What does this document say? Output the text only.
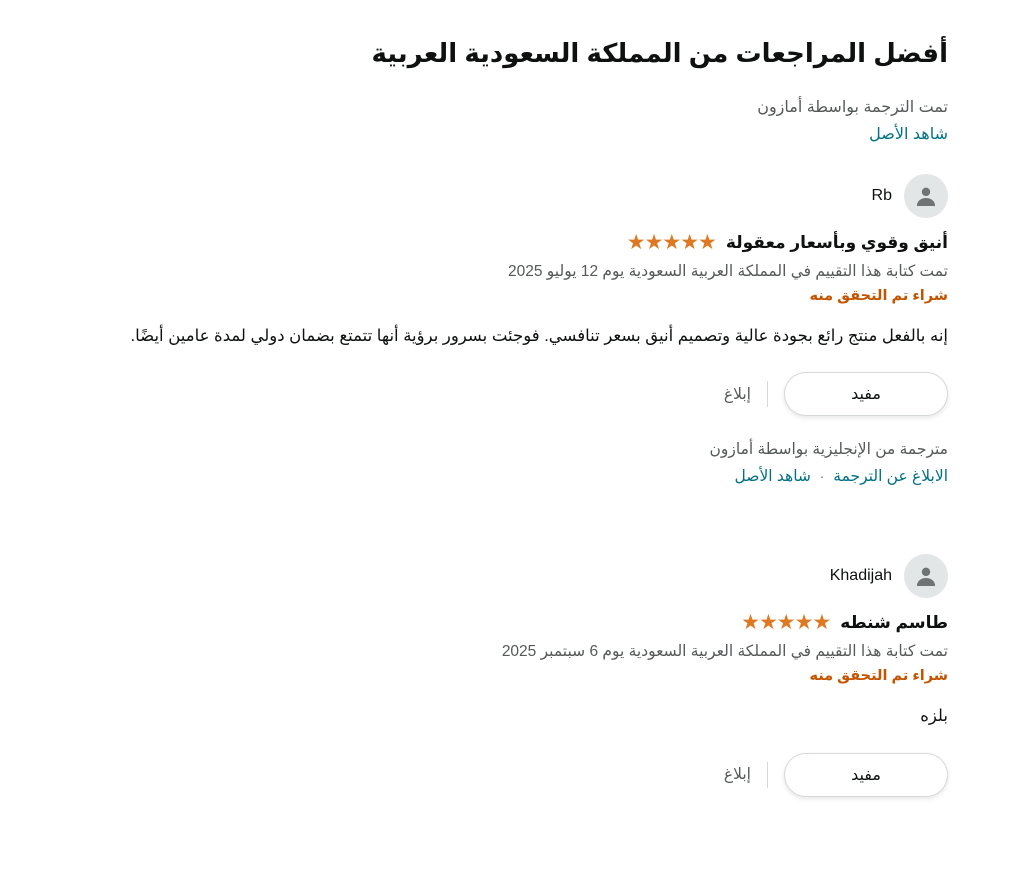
أفضل المراجعات من المملكة السعودية العربية
تمت الترجمة بواسطة أمازون
شاهد الأصل
Rb
أنيق وقوي وبأسعار معقولة
★★★★★
تمت كتابة هذا التقييم في المملكة العربية السعودية يوم 12 يوليو 2025
شراء تم التحقق منه
إنه بالفعل منتج رائع بجودة عالية وتصميم أنيق بسعر تنافسي. فوجئت بسرور برؤية أنها تتمتع بضمان دولي لمدة عامين أيضًا.
مفيد
إبلاغ
مترجمة من الإنجليزية بواسطة أمازون
الابلاغ عن الترجمة
·
شاهد الأصل
Khadijah
طاسم شنطه
★★★★★
تمت كتابة هذا التقييم في المملكة العربية السعودية يوم 6 سبتمبر 2025
شراء تم التحقق منه
بلزه
مفيد
إبلاغ
